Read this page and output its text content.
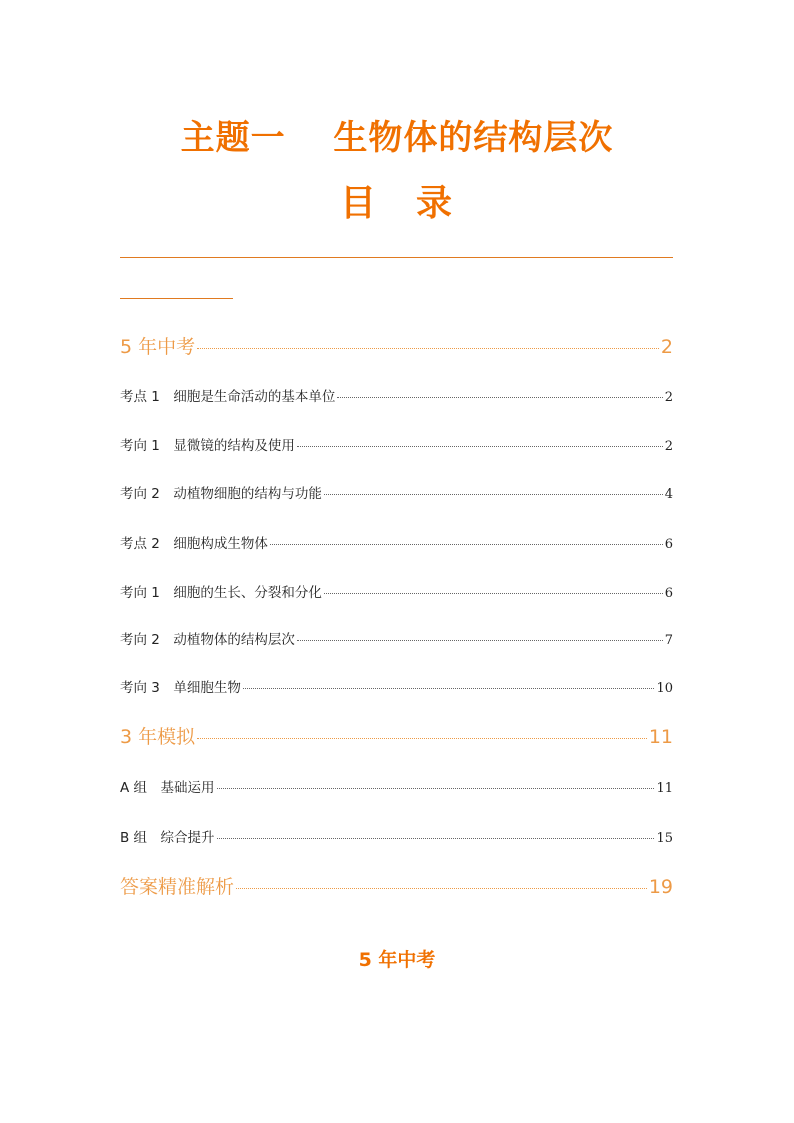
主题一　 生物体的结构层次
目　录
5 年中考	2
考点 1　细胞是生命活动的基本单位	2
考向 1　显微镜的结构及使用	2
考向 2　动植物细胞的结构与功能	4
考点 2　细胞构成生物体	6
考向 1　细胞的生长、分裂和分化	6
考向 2　动植物体的结构层次	7
考向 3　单细胞生物	10
3 年模拟	11
A 组　基础运用	11
B 组　综合提升	15
答案精准解析	19
5 年中考
